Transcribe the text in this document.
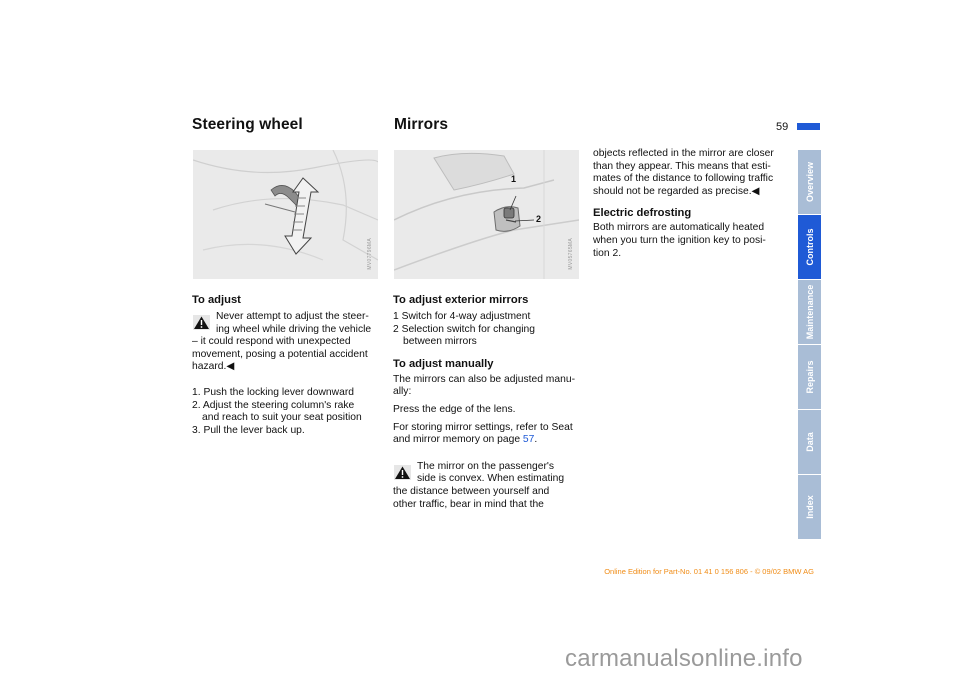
Steering wheel	Mirrors	59
MV07796MA
1
2
MV05765MA
To adjust

Never attempt to adjust the steer-

ing wheel while driving the vehicle

– it could respond with unexpected

movement, posing a potential accident

hazard.◀

1. Push the locking lever downward

2. Adjust the steering column's rake

and reach to suit your seat position

3. Pull the lever back up.

To adjust exterior mirrors

1 Switch for 4-way adjustment

2 Selection switch for changing

between mirrors

To adjust manually

The mirrors can also be adjusted manu-

ally:

Press the edge of the lens.

For storing mirror settings, refer to Seat

and mirror memory on page 57.

The mirror on the passenger's

side is convex. When estimating

the distance between yourself and

other traffic, bear in mind that the

objects reflected in the mirror are closer

than they appear. This means that esti-

mates of the distance to following traffic

should not be regarded as precise.◀

Electric defrosting

Both mirrors are automatically heated

when you turn the ignition key to posi-

tion 2.

Overview
Controls
Maintenance
Repairs
Data
Index
Online Edition for Part-No. 01 41 0 156 806 - © 09/02 BMW AG
carmanualsonline.info
